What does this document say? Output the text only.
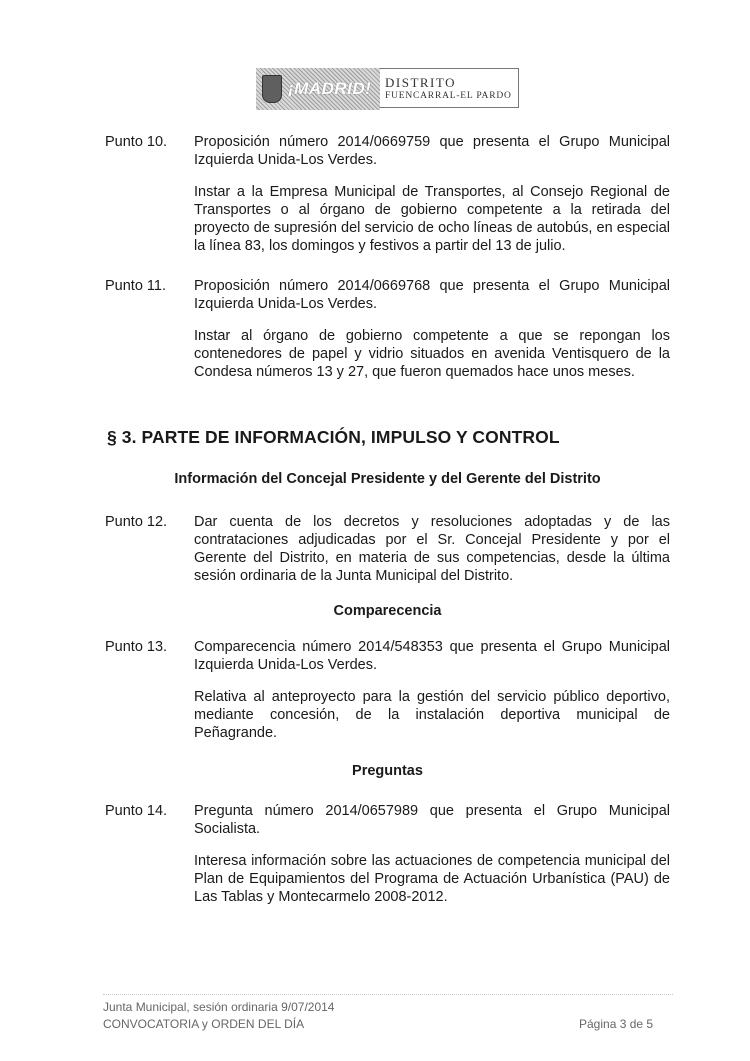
¡MADRID! DISTRITO
FUENCARRAL-EL PARDO
Punto 10. Proposición número 2014/0669759 que presenta el Grupo Municipal Izquierda Unida-Los Verdes.

Instar a la Empresa Municipal de Transportes, al Consejo Regional de Transportes o al órgano de gobierno competente a la retirada del proyecto de supresión del servicio de ocho líneas de autobús, en especial la línea 83, los domingos y festivos a partir del 13 de julio.

Punto 11. Proposición número 2014/0669768 que presenta el Grupo Municipal Izquierda Unida-Los Verdes.

Instar al órgano de gobierno competente a que se repongan los contenedores de papel y vidrio situados en avenida Ventisquero de la Condesa números 13 y 27, que fueron quemados hace unos meses.

§ 3. PARTE DE INFORMACIÓN, IMPULSO Y CONTROL
Información del Concejal Presidente y del Gerente del Distrito
Punto 12. Dar cuenta de los decretos y resoluciones adoptadas y de las contrataciones adjudicadas por el Sr. Concejal Presidente y por el Gerente del Distrito, en materia de sus competencias, desde la última sesión ordinaria de la Junta Municipal del Distrito.

Comparecencia
Punto 13. Comparecencia número 2014/548353 que presenta el Grupo Municipal Izquierda Unida-Los Verdes.

Relativa al anteproyecto para la gestión del servicio público deportivo, mediante concesión, de la instalación deportiva municipal de Peñagrande.

Preguntas
Punto 14. Pregunta número 2014/0657989 que presenta el Grupo Municipal Socialista.

Interesa información sobre las actuaciones de competencia municipal del Plan de Equipamientos del Programa de Actuación Urbanística (PAU) de Las Tablas y Montecarmelo 2008-2012.

Junta Municipal, sesión ordinaria 9/07/2014
CONVOCATORIA y ORDEN DEL DÍA	Página 3 de 5
